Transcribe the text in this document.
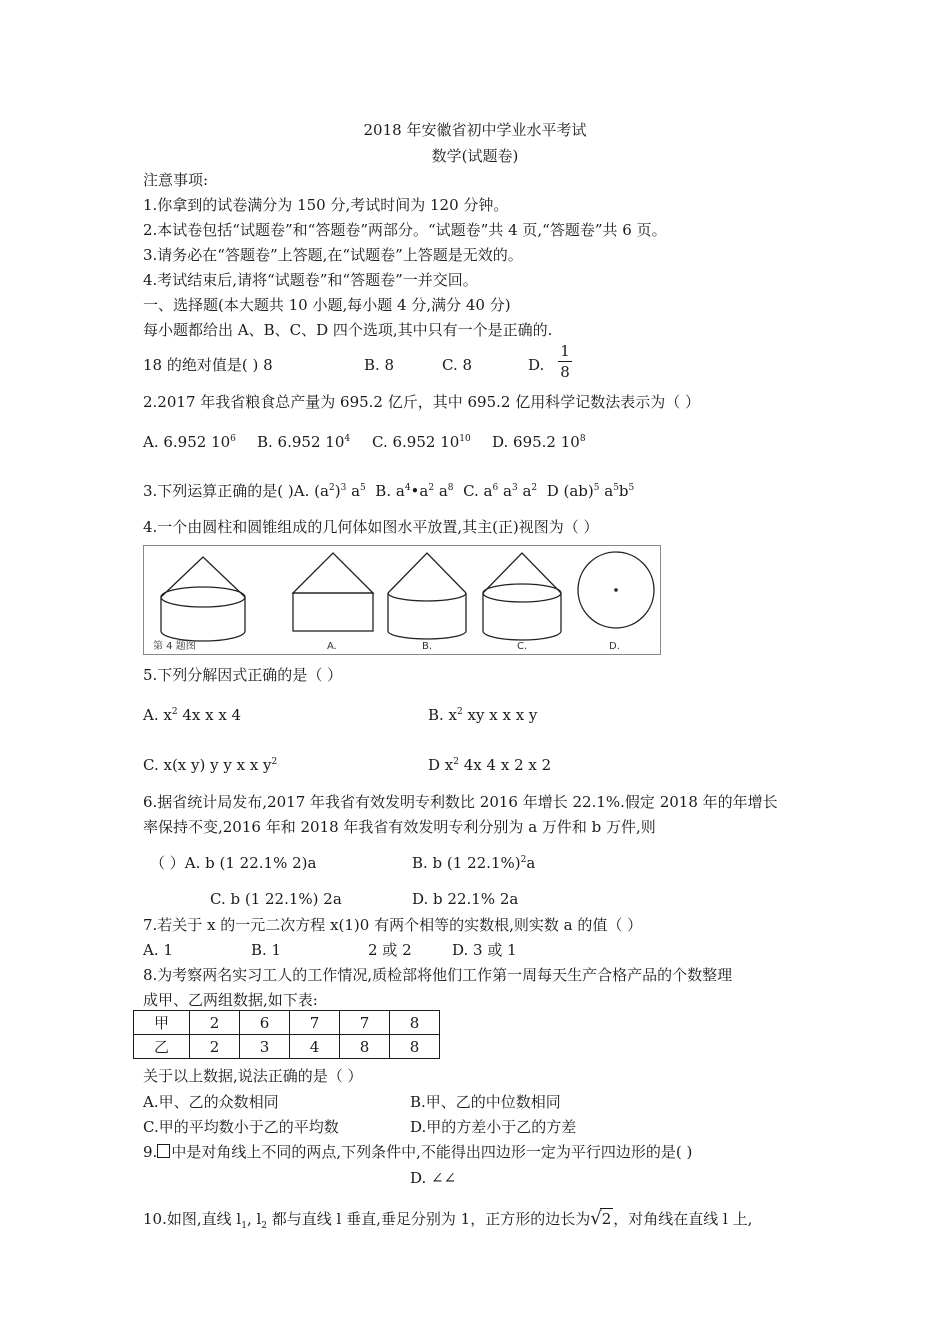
2018 年安徽省初中学业水平考试
数学(试题卷)
注意事项:
1.你拿到的试卷满分为 150 分,考试时间为 120 分钟。
2.本试卷包括“试题卷”和“答题卷”两部分。“试题卷”共 4 页,“答题卷”共 6 页。
3.请务必在“答题卷”上答题,在“试题卷”上答题是无效的。
4.考试结束后,请将“试题卷”和“答题卷”一并交回。
一、选择题(本大题共 10 小题,每小题 4 分,满分 40 分)
每小题都给出 A、B、C、D 四个选项,其中只有一个是正确的.
18 的绝对值是( ) 8	B. 8	C. 8	D.
1
8
2.2017 年我省粮食总产量为 695.2 亿斤，其中 695.2 亿用科学记数法表示为（ ）
A. 6.952 $10^6$ B. 6.952 $10^4$ C. 6.952 $10^{10}$ D. 695.2 $10^8$
3.下列运算正确的是( )A. $(a^2)^3$ $a^5$ B. $a^4•a^2$ $a^8$ C. $a^6$ $a^3$ $a^2$ D (ab)$^5$ $a^5b^5$
4.一个由圆柱和圆锥组成的几何体如图水平放置,其主(正)视图为（ ）
第 4 题图	A.	B.	C.	D.
5.下列分解因式正确的是（ ）
A. $x^2$ 4x x x 4	B. $x^2$ xy x x x y
C. x(x y) y y x x $y^2$	D $x^2$ 4x 4 x 2 x 2
6.据省统计局发布,2017 年我省有效发明专利数比 2016 年增长 22.1%.假定 2018 年的年增长
率保持不变,2016 年和 2018 年我省有效发明专利分别为 a 万件和 b 万件,则
（ ）A. b (1 22.1% 2)a	B. b (1 22.1%)$^2$a
C. b (1 22.1%) 2a	D. b 22.1% 2a
7.若关于 x 的一元二次方程 x(1)0 有两个相等的实数根,则实数 a 的值（ ）
A. 1	B. 1	2 或 2	D. 3 或 1
8.为考察两名实习工人的工作情况,质检部将他们工作第一周每天生产合格产品的个数整理
成甲、乙两组数据,如下表:
甲	2	6	7	7	8
乙	2	3	4	8	8
关于以上数据,说法正确的是（ ）
A.甲、乙的众数相同	B.甲、乙的中位数相同
C.甲的平均数小于乙的平均数	D.甲的方差小于乙的方差
9. 中是对角线上不同的两点,下列条件中,不能得出四边形一定为平行四边形的是( )
D. ∠∠
10.如图,直线 $l_1$, $l_2$ 都与直线 l 垂直,垂足分别为 1，正方形的边长为√2 ，对角线在直线 l 上,
